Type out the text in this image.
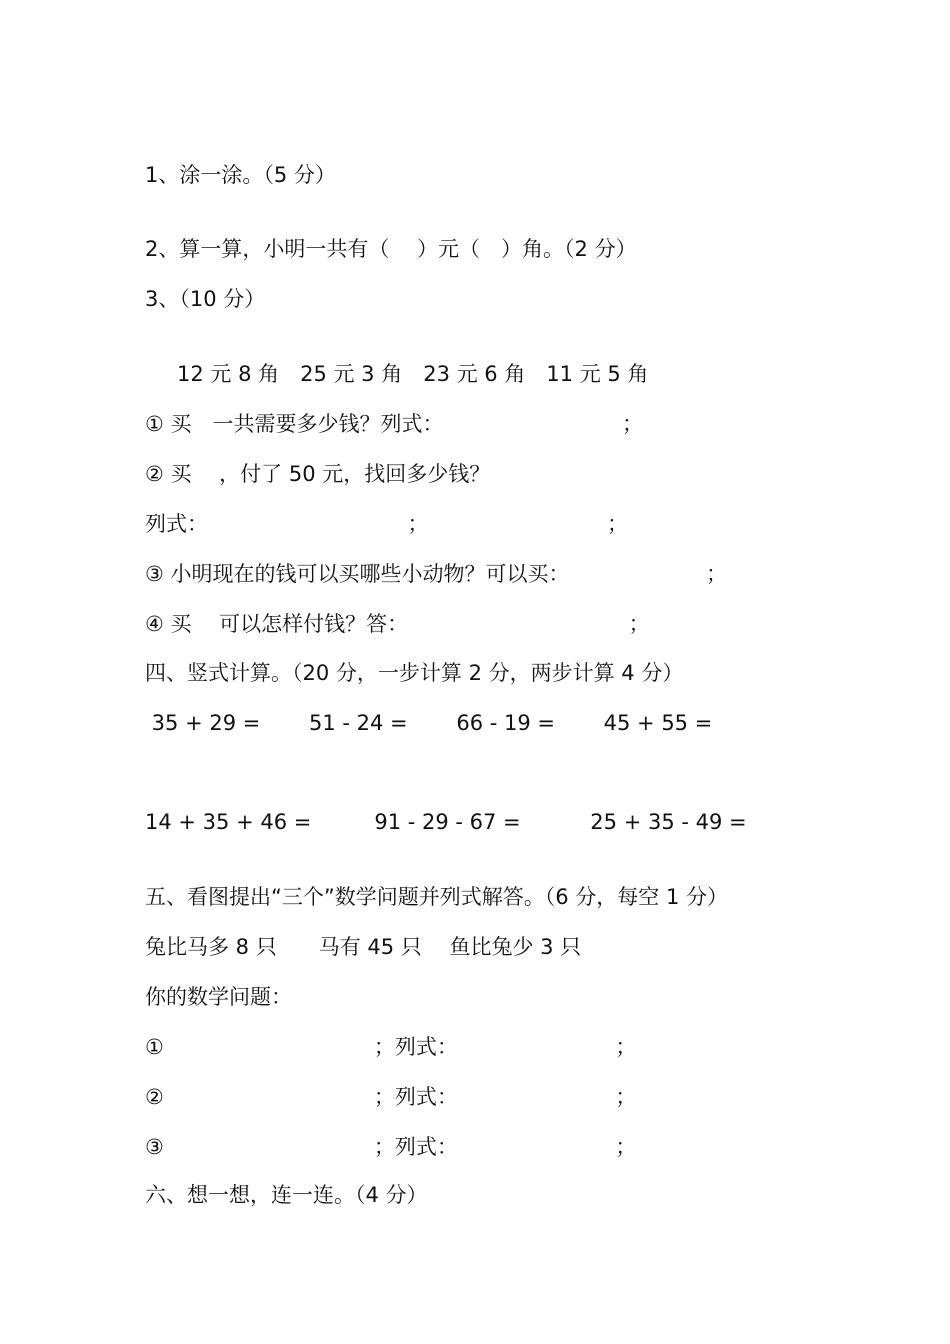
1、涂一涂。（5 分）

2、算一算，小明一共有（　 ）元（　）角。（2 分）

3、（10 分）

12 元 8 角　25 元 3 角　23 元 6 角　11 元 5 角

① 买　一共需要多少钱？列式：　　　　　　　　　；

② 买　 ，付了 50 元，找回多少钱？

列式：　　　　　　　　　　；　　　　　　　　　；

③ 小明现在的钱可以买哪些小动物？可以买：　　　　　　　；

④ 买　 可以怎样付钱？答：　　　　　　　　　　　；

四、竖式计算。（20 分，一步计算 2 分，两步计算 4 分）

35 + 29 =　　 51 - 24 =　　 66 - 19 =　　 45 + 55 =

14 + 35 + 46 =　　　91 - 29 - 67 =　　　 25 + 35 - 49 =

五、看图提出“三个”数学问题并列式解答。（6 分，每空 1 分）

兔比马多 8 只　　马有 45 只　 鱼比兔少 3 只

你的数学问题：

①　　　　　　　　　　；列式：　　　　　　　　；

②　　　　　　　　　　；列式：　　　　　　　　；

③　　　　　　　　　　；列式：　　　　　　　　；

六、想一想，连一连。（4 分）
